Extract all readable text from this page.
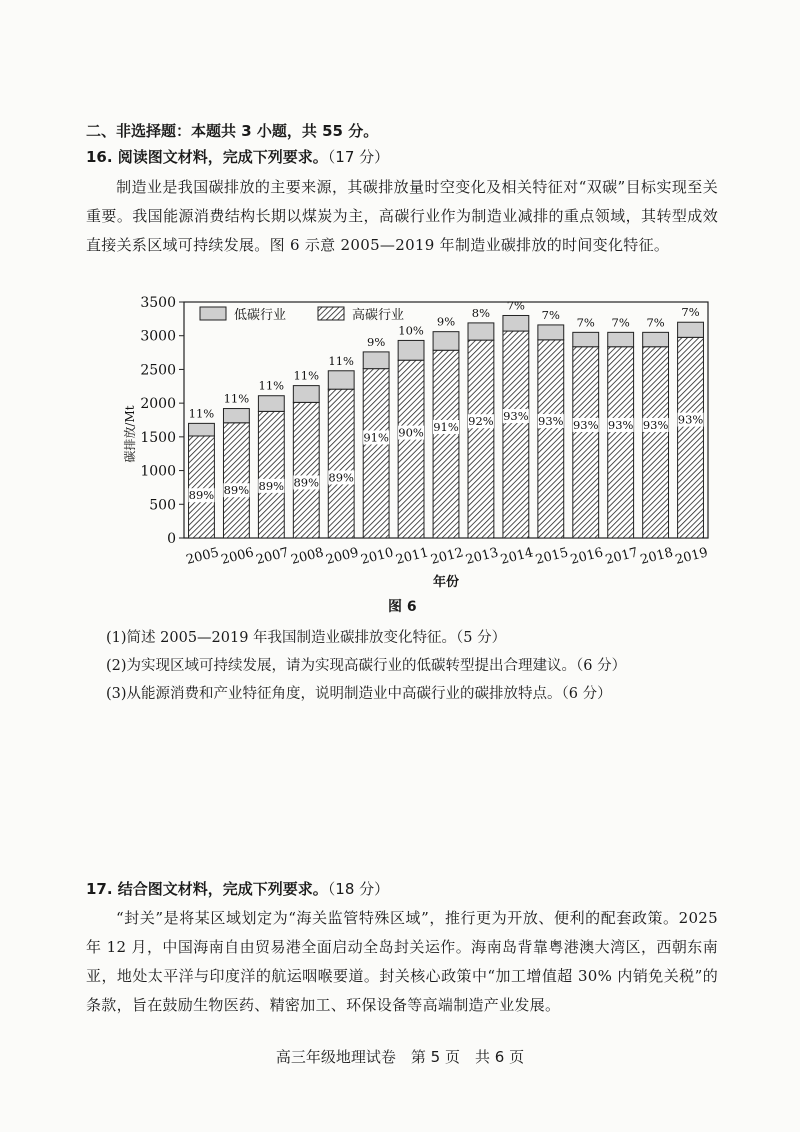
二、非选择题：本题共 3 小题，共 55 分。
16. 阅读图文材料，完成下列要求。（17 分）
制造业是我国碳排放的主要来源，其碳排放量时空变化及相关特征对“双碳”目标实现至关重要。我国能源消费结构长期以煤炭为主，高碳行业作为制造业减排的重点领域，其转型成效直接关系区域可持续发展。图 6 示意 2005—2019 年制造业碳排放的时间变化特征。
0
500
1000
1500
2000
2500
3000
3500
碳排放/Mt
89%
11%
2005
89%
11%
2006
89%
11%
2007
89%
11%
2008
89%
11%
2009
91%
9%
2010
90%
10%
2011
91%
9%
2012
92%
8%
2013
93%
7%
2014
93%
7%
2015
93%
7%
2016
93%
7%
2017
93%
7%
2018
93%
7%
2019
年份
低碳行业	高碳行业
图 6
(1)简述 2005—2019 年我国制造业碳排放变化特征。（5 分）
(2)为实现区域可持续发展，请为实现高碳行业的低碳转型提出合理建议。（6 分）
(3)从能源消费和产业特征角度，说明制造业中高碳行业的碳排放特点。（6 分）
17. 结合图文材料，完成下列要求。（18 分）
“封关”是将某区域划定为“海关监管特殊区域”，推行更为开放、便利的配套政策。2025 年 12 月，中国海南自由贸易港全面启动全岛封关运作。海南岛背靠粤港澳大湾区，西朝东南亚，地处太平洋与印度洋的航运咽喉要道。封关核心政策中“加工增值超 30% 内销免关税”的条款，旨在鼓励生物医药、精密加工、环保设备等高端制造产业发展。
高三年级地理试卷　第 5 页　共 6 页
